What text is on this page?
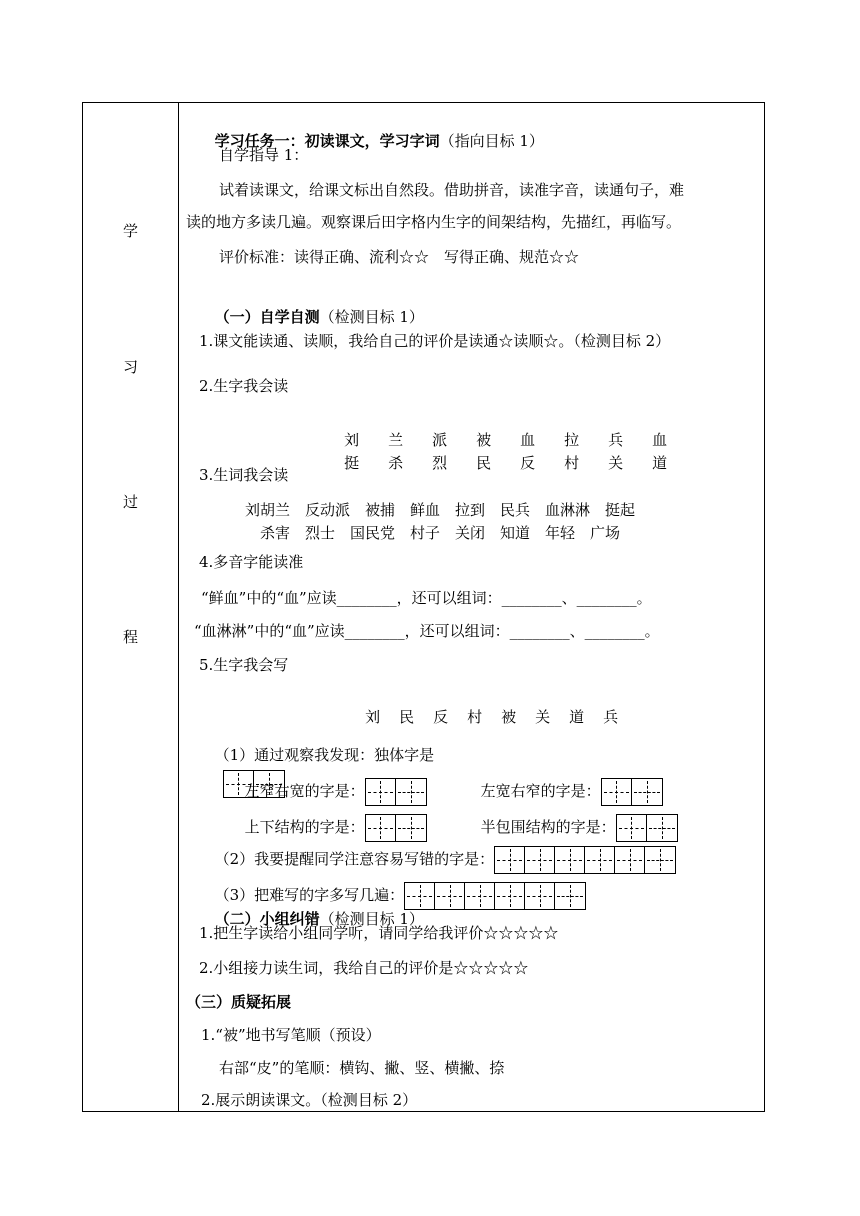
学
习
过
程

学习任务一：初读课文，学习字词（指向目标 1）

自学指导 1：
试着读课文，给课文标出自然段。借助拼音，读准字音，读通句子，难
读的地方多读几遍。观察课后田字格内生字的间架结构，先描红，再临写。
评价标准：读得正确、流利☆☆　写得正确、规范☆☆

（一）自学自测（检测目标 1）

1.课文能读通、读顺，我给自己的评价是读通☆读顺☆。（检测目标 2）
2.生字我会读

刘 兰 派 被 血 拉 兵 血

挺 杀 烈 民 反 村 关 道

3.生词我会读
刘胡兰　反动派　被捕　鲜血　拉到　民兵　血淋淋　挺起
杀害　烈士　国民党　村子　关闭　知道　年轻　广场
4.多音字能读准
“鲜血”中的“血”应读________，还可以组词：________、________。
“血淋淋”中的“血”应读________，还可以组词：________、________。
5.生字我会写

刘 民 反 村 被 关 道 兵

（1）通过观察我发现：独体字是

左窄右宽的字是：
	左宽右窄的字是：

上下结构的字是：
	半包围结构的字是：

（2）我要提醒同学注意容易写错的字是：

（3）把难写的字多写几遍：

（二）小组纠错（检测目标 1）

1.把生字读给小组同学听，请同学给我评价☆☆☆☆☆
2.小组接力读生词，我给自己的评价是☆☆☆☆☆
（三）质疑拓展
1.“被”地书写笔顺（预设）
右部“皮”的笔顺：横钩、撇、竖、横撇、捺
2.展示朗读课文。（检测目标 2）
